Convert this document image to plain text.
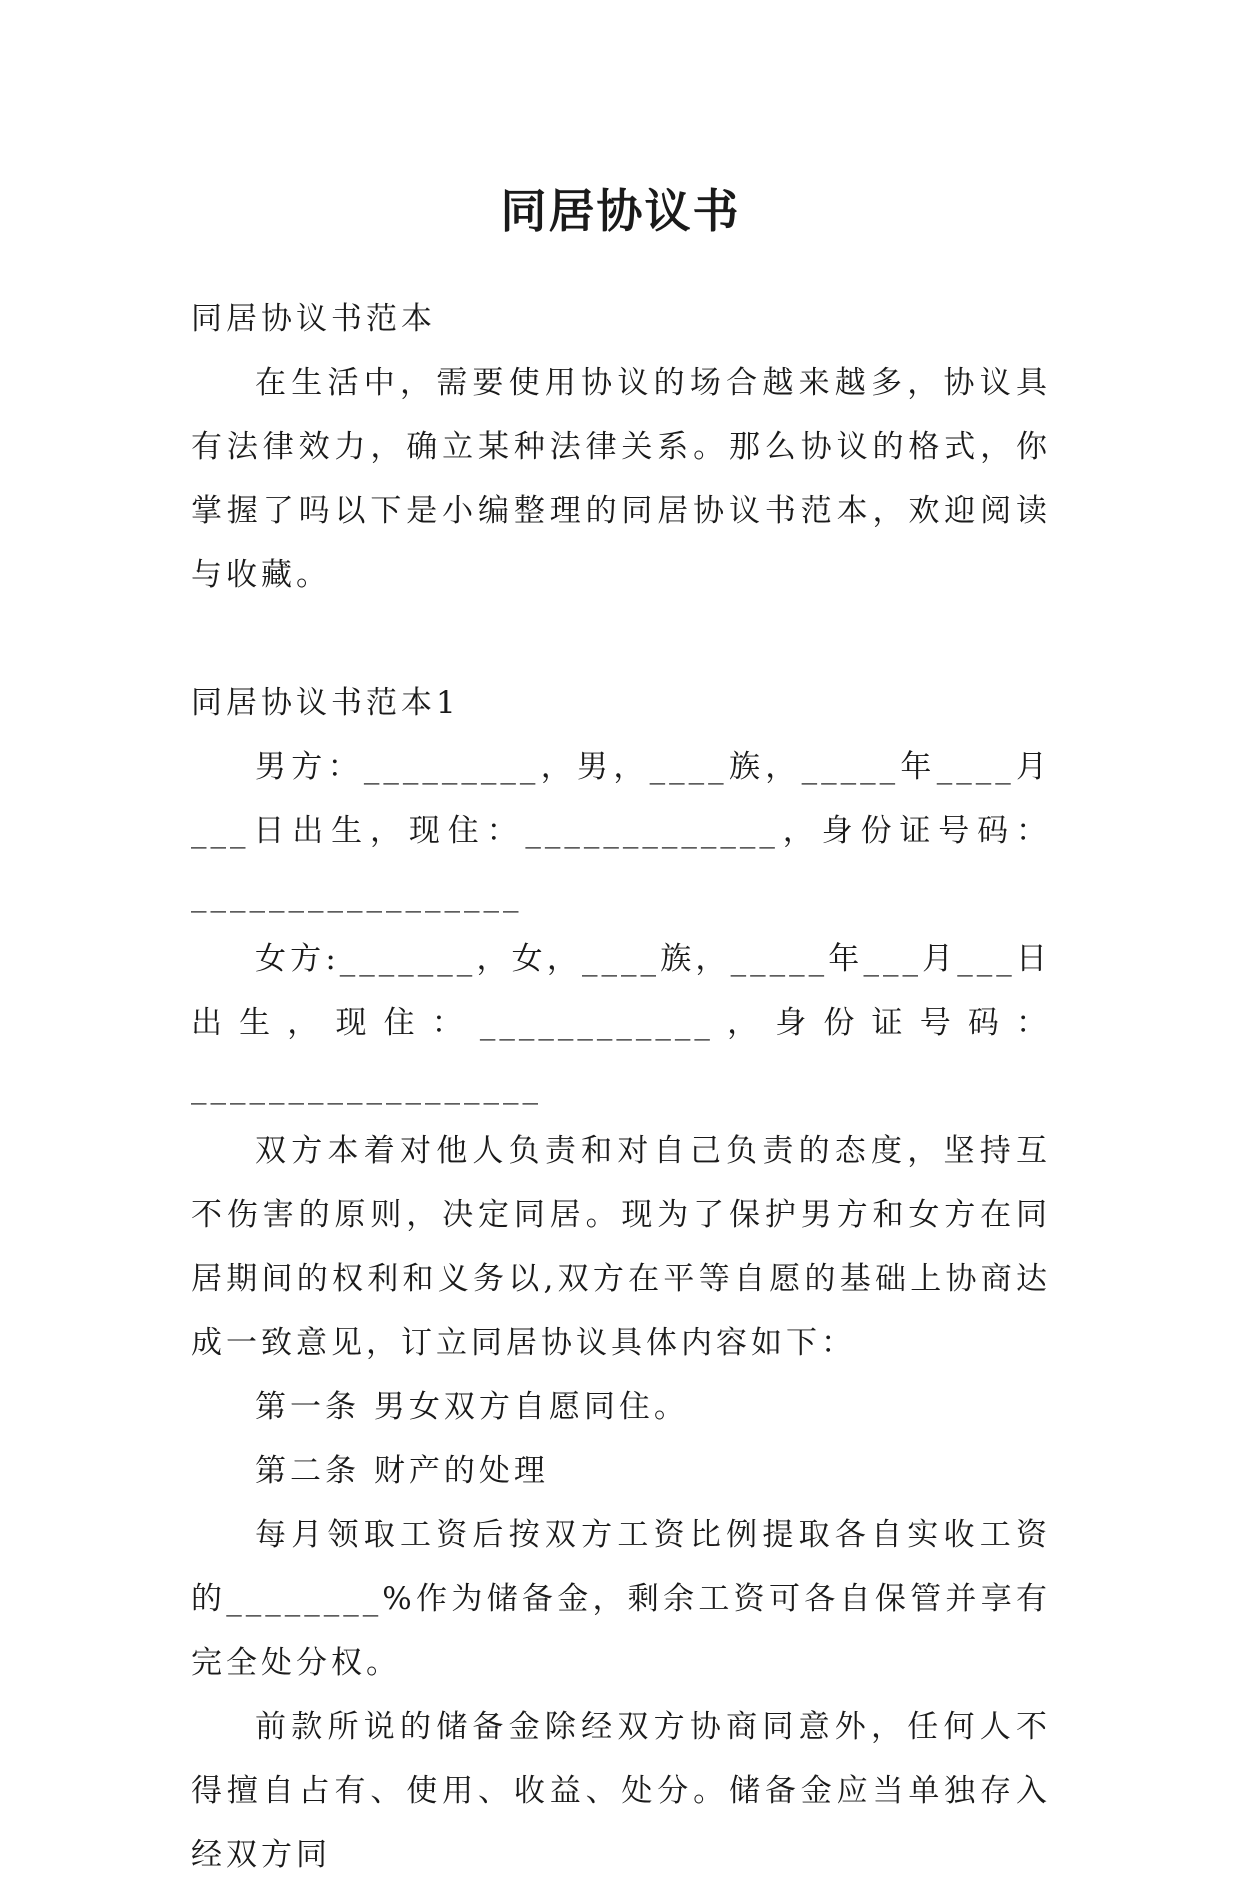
同居协议书

同居协议书范本

在生活中，需要使用协议的场合越来越多，协议具有法律效力，确立某种法律关系。那么协议的格式，你掌握了吗以下是小编整理的同居协议书范本，欢迎阅读与收藏。

同居协议书范本1

男方：_________，男，____族，_____年____月___日出生，现住：_____________，身份证号码：_________________

女方:_______，女，____族，_____年___月___日出生，现住：____________，身份证号码：__________________

双方本着对他人负责和对自己负责的态度，坚持互不伤害的原则，决定同居。现为了保护男方和女方在同居期间的权利和义务以,双方在平等自愿的基础上协商达成一致意见，订立同居协议具体内容如下：

第一条 男女双方自愿同住。

第二条 财产的处理

每月领取工资后按双方工资比例提取各自实收工资的________%作为储备金，剩余工资可各自保管并享有完全处分权。

前款所说的储备金除经双方协商同意外，任何人不得擅自占有、使用、收益、处分。储备金应当单独存入经双方同
